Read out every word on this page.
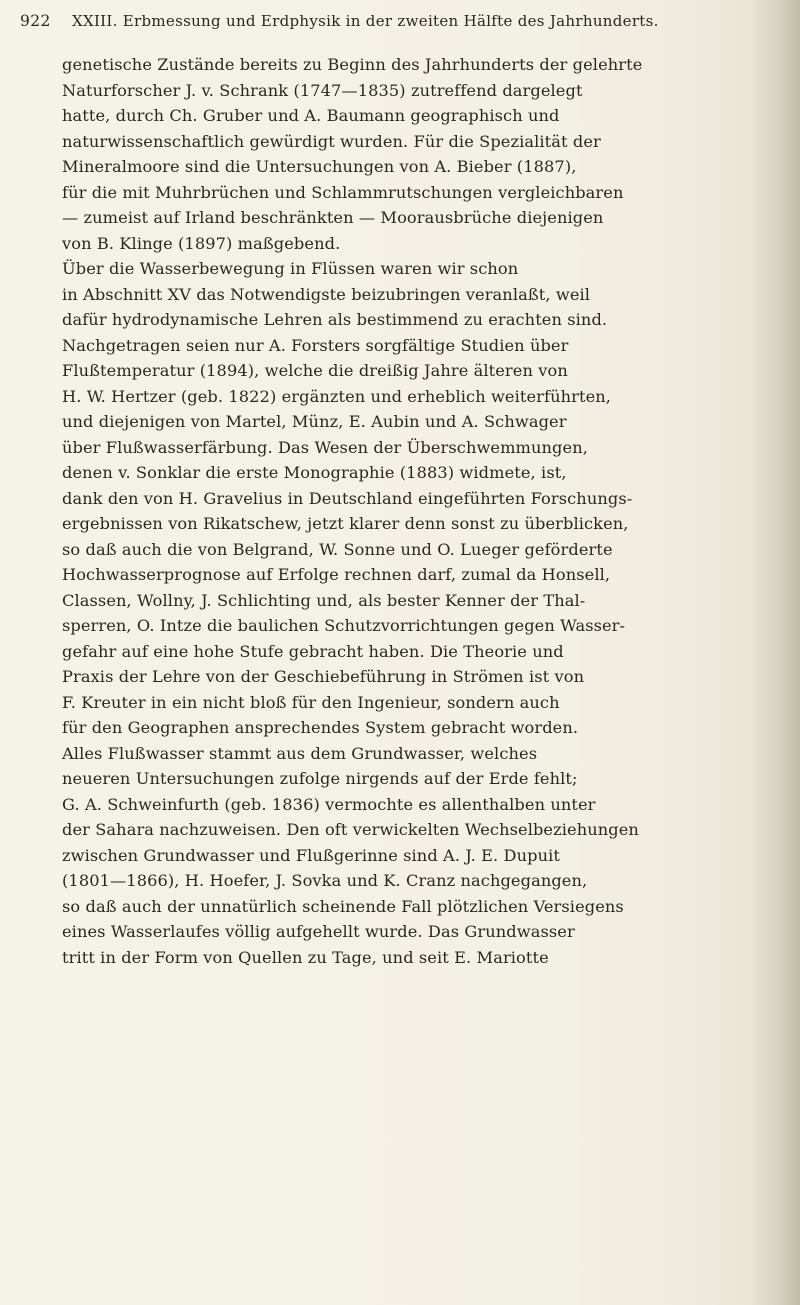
922 XXIII. Erbmessung und Erdphysik in der zweiten Hälfte des Jahrhunderts.
genetische Zustände bereits zu Beginn des Jahrhunderts der gelehrte
Naturforscher J. v. Schrank (1747—1835) zutreffend dargelegt
hatte, durch Ch. Gruber und A. Baumann geographisch und
naturwissenschaftlich gewürdigt wurden. Für die Spezialität der
Mineralmoore sind die Untersuchungen von A. Bieber (1887),
für die mit Muhrbrüchen und Schlammrutschungen vergleichbaren
— zumeist auf Irland beschränkten — Moorausbrüche diejenigen
von B. Klinge (1897) maßgebend.
Über die Wasserbewegung in Flüssen waren wir schon
in Abschnitt XV das Notwendigste beizubringen veranlaßt, weil
dafür hydrodynamische Lehren als bestimmend zu erachten sind.
Nachgetragen seien nur A. Forsters sorgfältige Studien über
Flußtemperatur (1894), welche die dreißig Jahre älteren von
H. W. Hertzer (geb. 1822) ergänzten und erheblich weiterführten,
und diejenigen von Martel, Münz, E. Aubin und A. Schwager
über Flußwasserfärbung. Das Wesen der Überschwemmungen,
denen v. Sonklar die erste Monographie (1883) widmete, ist,
dank den von H. Gravelius in Deutschland eingeführten Forschungs-
ergebnissen von Rikatschew, jetzt klarer denn sonst zu überblicken,
so daß auch die von Belgrand, W. Sonne und O. Lueger geförderte
Hochwasserprognose auf Erfolge rechnen darf, zumal da Honsell,
Classen, Wollny, J. Schlichting und, als bester Kenner der Thal-
sperren, O. Intze die baulichen Schutzvorrichtungen gegen Wasser-
gefahr auf eine hohe Stufe gebracht haben. Die Theorie und
Praxis der Lehre von der Geschiebeführung in Strömen ist von
F. Kreuter in ein nicht bloß für den Ingenieur, sondern auch
für den Geographen ansprechendes System gebracht worden.
Alles Flußwasser stammt aus dem Grundwasser, welches
neueren Untersuchungen zufolge nirgends auf der Erde fehlt;
G. A. Schweinfurth (geb. 1836) vermochte es allenthalben unter
der Sahara nachzuweisen. Den oft verwickelten Wechselbeziehungen
zwischen Grundwasser und Flußgerinne sind A. J. E. Dupuit
(1801—1866), H. Hoefer, J. Sovka und K. Cranz nachgegangen,
so daß auch der unnatürlich scheinende Fall plötzlichen Versiegens
eines Wasserlaufes völlig aufgehellt wurde. Das Grundwasser
tritt in der Form von Quellen zu Tage, und seit E. Mariotte
